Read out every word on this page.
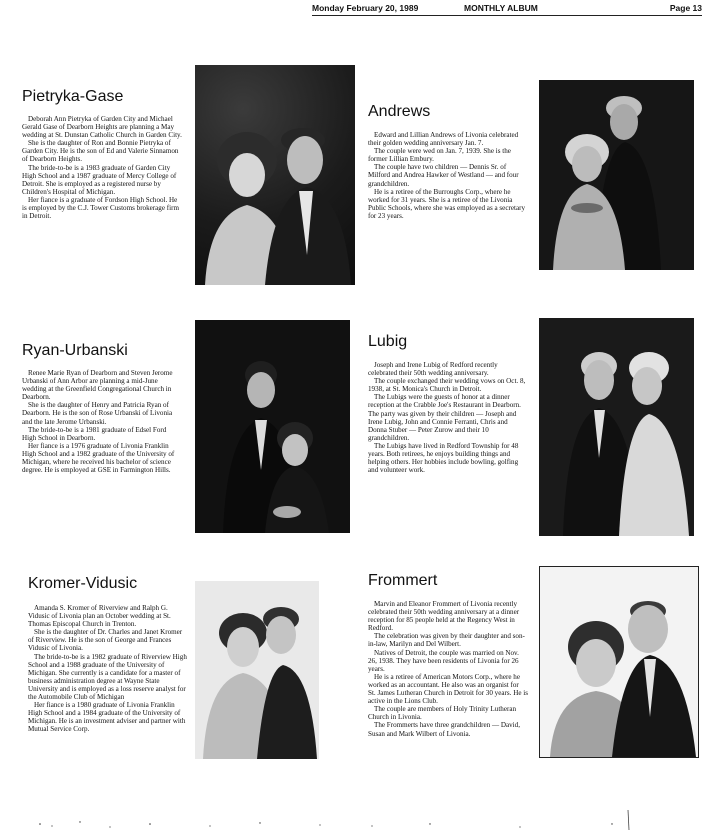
Monday February 20, 1989	MONTHLY ALBUM	Page 13
Pietryka-Gase

Deborah Ann Pietryka of Garden City and Michael Gerald Gase of Dearborn Heights are planning a May wedding at St. Dunstan Catholic Church in Garden City.

She is the daughter of Ron and Bonnie Pietryka of Garden City. He is the son of Ed and Valerie Sinnamon of Dearborn Heights.

The bride-to-be is a 1983 graduate of Garden City High School and a 1987 graduate of Mercy College of Detroit. She is employed as a registered nurse by Children's Hospital of Michigan.

Her fiance is a graduate of Fordson High School. He is employed by the C.J. Tower Customs brokerage firm in Detroit.

Ryan-Urbanski

Renee Marie Ryan of Dearborn and Steven Jerome Urbanski of Ann Arbor are planning a mid-June wedding at the Greenfield Congregational Church in Dearborn.

She is the daughter of Henry and Patricia Ryan of Dearborn. He is the son of Rose Urbanski of Livonia and the late Jerome Urbanski.

The bride-to-be is a 1981 graduate of Edsel Ford High School in Dearborn.

Her fiance is a 1976 graduate of Livonia Franklin High School and a 1982 graduate of the University of Michigan, where he received his bachelor of science degree. He is employed at GSE in Farmington Hills.

Kromer-Vidusic

Amanda S. Kromer of Riverview and Ralph G. Vidusic of Livonia plan an October wedding at St. Thomas Episcopal Church in Trenton.

She is the daughter of Dr. Charles and Janet Kromer of Riverview. He is the son of George and Frances Vidusic of Livonia.

The bride-to-be is a 1982 graduate of Riverview High School and a 1988 graduate of the University of Michigan. She currently is a candidate for a master of business administration degree at Wayne State University and is employed as a loss reserve analyst for the Automobile Club of Michigan

Her fiance is a 1980 graduate of Livonia Franklin High School and a 1984 graduate of the University of Michigan. He is an investment adviser and partner with Mutual Service Corp.

Andrews

Edward and Lillian Andrews of Livonia celebrated their golden wedding anniversary Jan. 7.

The couple were wed on Jan. 7, 1939. She is the former Lillian Embury.

The couple have two children — Dennis Sr. of Milford and Andrea Hawker of Westland — and four grandchildren.

He is a retiree of the Burroughs Corp., where he worked for 31 years. She is a retiree of the Livonia Public Schools, where she was employed as a secretary for 23 years.

Lubig

Joseph and Irene Lubig of Redford recently celebrated their 50th wedding anniversary.

The couple exchanged their wedding vows on Oct. 8, 1938, at St. Monica's Church in Detroit.

The Lubigs were the guests of honor at a dinner reception at the Crabble Joe's Restaurant in Dearborn. The party was given by their children — Joseph and Irene Lubig, John and Connie Ferranti, Chris and Donna Stuber — Peter Zurow and their 10 grandchildren.

The Lubigs have lived in Redford Township for 48 years. Both retirees, he enjoys building things and helping others. Her hobbies include bowling, golfing and volunteer work.

Frommert

Marvin and Eleanor Frommert of Livonia recently celebrated their 50th wedding anniversary at a dinner reception for 85 people held at the Regency West in Redford.

The celebration was given by their daughter and son-in-law, Marilyn and Del Wilbert.

Natives of Detroit, the couple was married on Nov. 26, 1938. They have been residents of Livonia for 26 years.

He is a retiree of American Motors Corp., where he worked as an accountant. He also was an organist for St. James Lutheran Church in Detroit for 30 years. He is active in the Lions Club.

The couple are members of Holy Trinity Lutheran Church in Livonia.

The Frommerts have three grandchildren — David, Susan and Mark Wilbert of Livonia.
